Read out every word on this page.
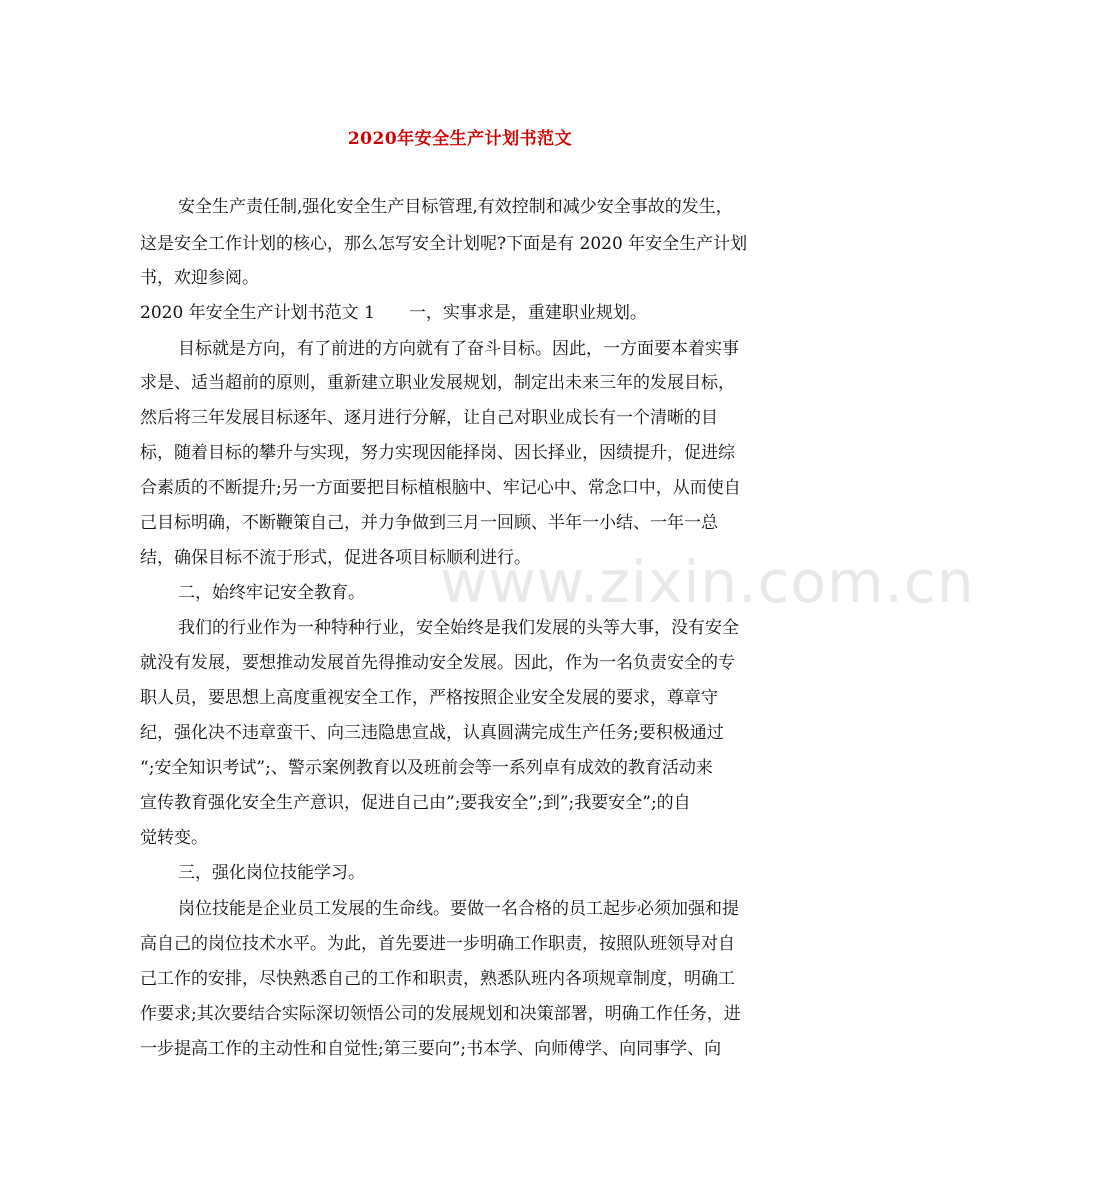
2020年安全生产计划书范文
www.zixin.com.cn
安全生产责任制,强化安全生产目标管理,有效控制和减少安全事故的发生，
这是安全工作计划的核心，那么怎写安全计划呢?下面是有 2020 年安全生产计划
书，欢迎参阅。
2020 年安全生产计划书范文 1　　一，实事求是，重建职业规划。
目标就是方向，有了前进的方向就有了奋斗目标。因此，一方面要本着实事
求是、适当超前的原则，重新建立职业发展规划，制定出未来三年的发展目标，
然后将三年发展目标逐年、逐月进行分解，让自己对职业成长有一个清晰的目
标，随着目标的攀升与实现，努力实现因能择岗、因长择业，因绩提升，促进综
合素质的不断提升;另一方面要把目标植根脑中、牢记心中、常念口中，从而使自
己目标明确，不断鞭策自己，并力争做到三月一回顾、半年一小结、一年一总
结，确保目标不流于形式，促进各项目标顺利进行。
二，始终牢记安全教育。
我们的行业作为一种特种行业，安全始终是我们发展的头等大事，没有安全
就没有发展，要想推动发展首先得推动安全发展。因此，作为一名负责安全的专
职人员，要思想上高度重视安全工作，严格按照企业安全发展的要求，尊章守
纪，强化决不违章蛮干、向三违隐患宣战，认真圆满完成生产任务;要积极通过
“;安全知识考试”;、警示案例教育以及班前会等一系列卓有成效的教育活动来
宣传教育强化安全生产意识，促进自己由”;要我安全”;到”;我要安全”;的自
觉转变。
三，强化岗位技能学习。
岗位技能是企业员工发展的生命线。要做一名合格的员工起步必须加强和提
高自己的岗位技术水平。为此，首先要进一步明确工作职责，按照队班领导对自
己工作的安排，尽快熟悉自己的工作和职责，熟悉队班内各项规章制度，明确工
作要求;其次要结合实际深切领悟公司的发展规划和决策部署，明确工作任务，进
一步提高工作的主动性和自觉性;第三要向”;书本学、向师傅学、向同事学、向
